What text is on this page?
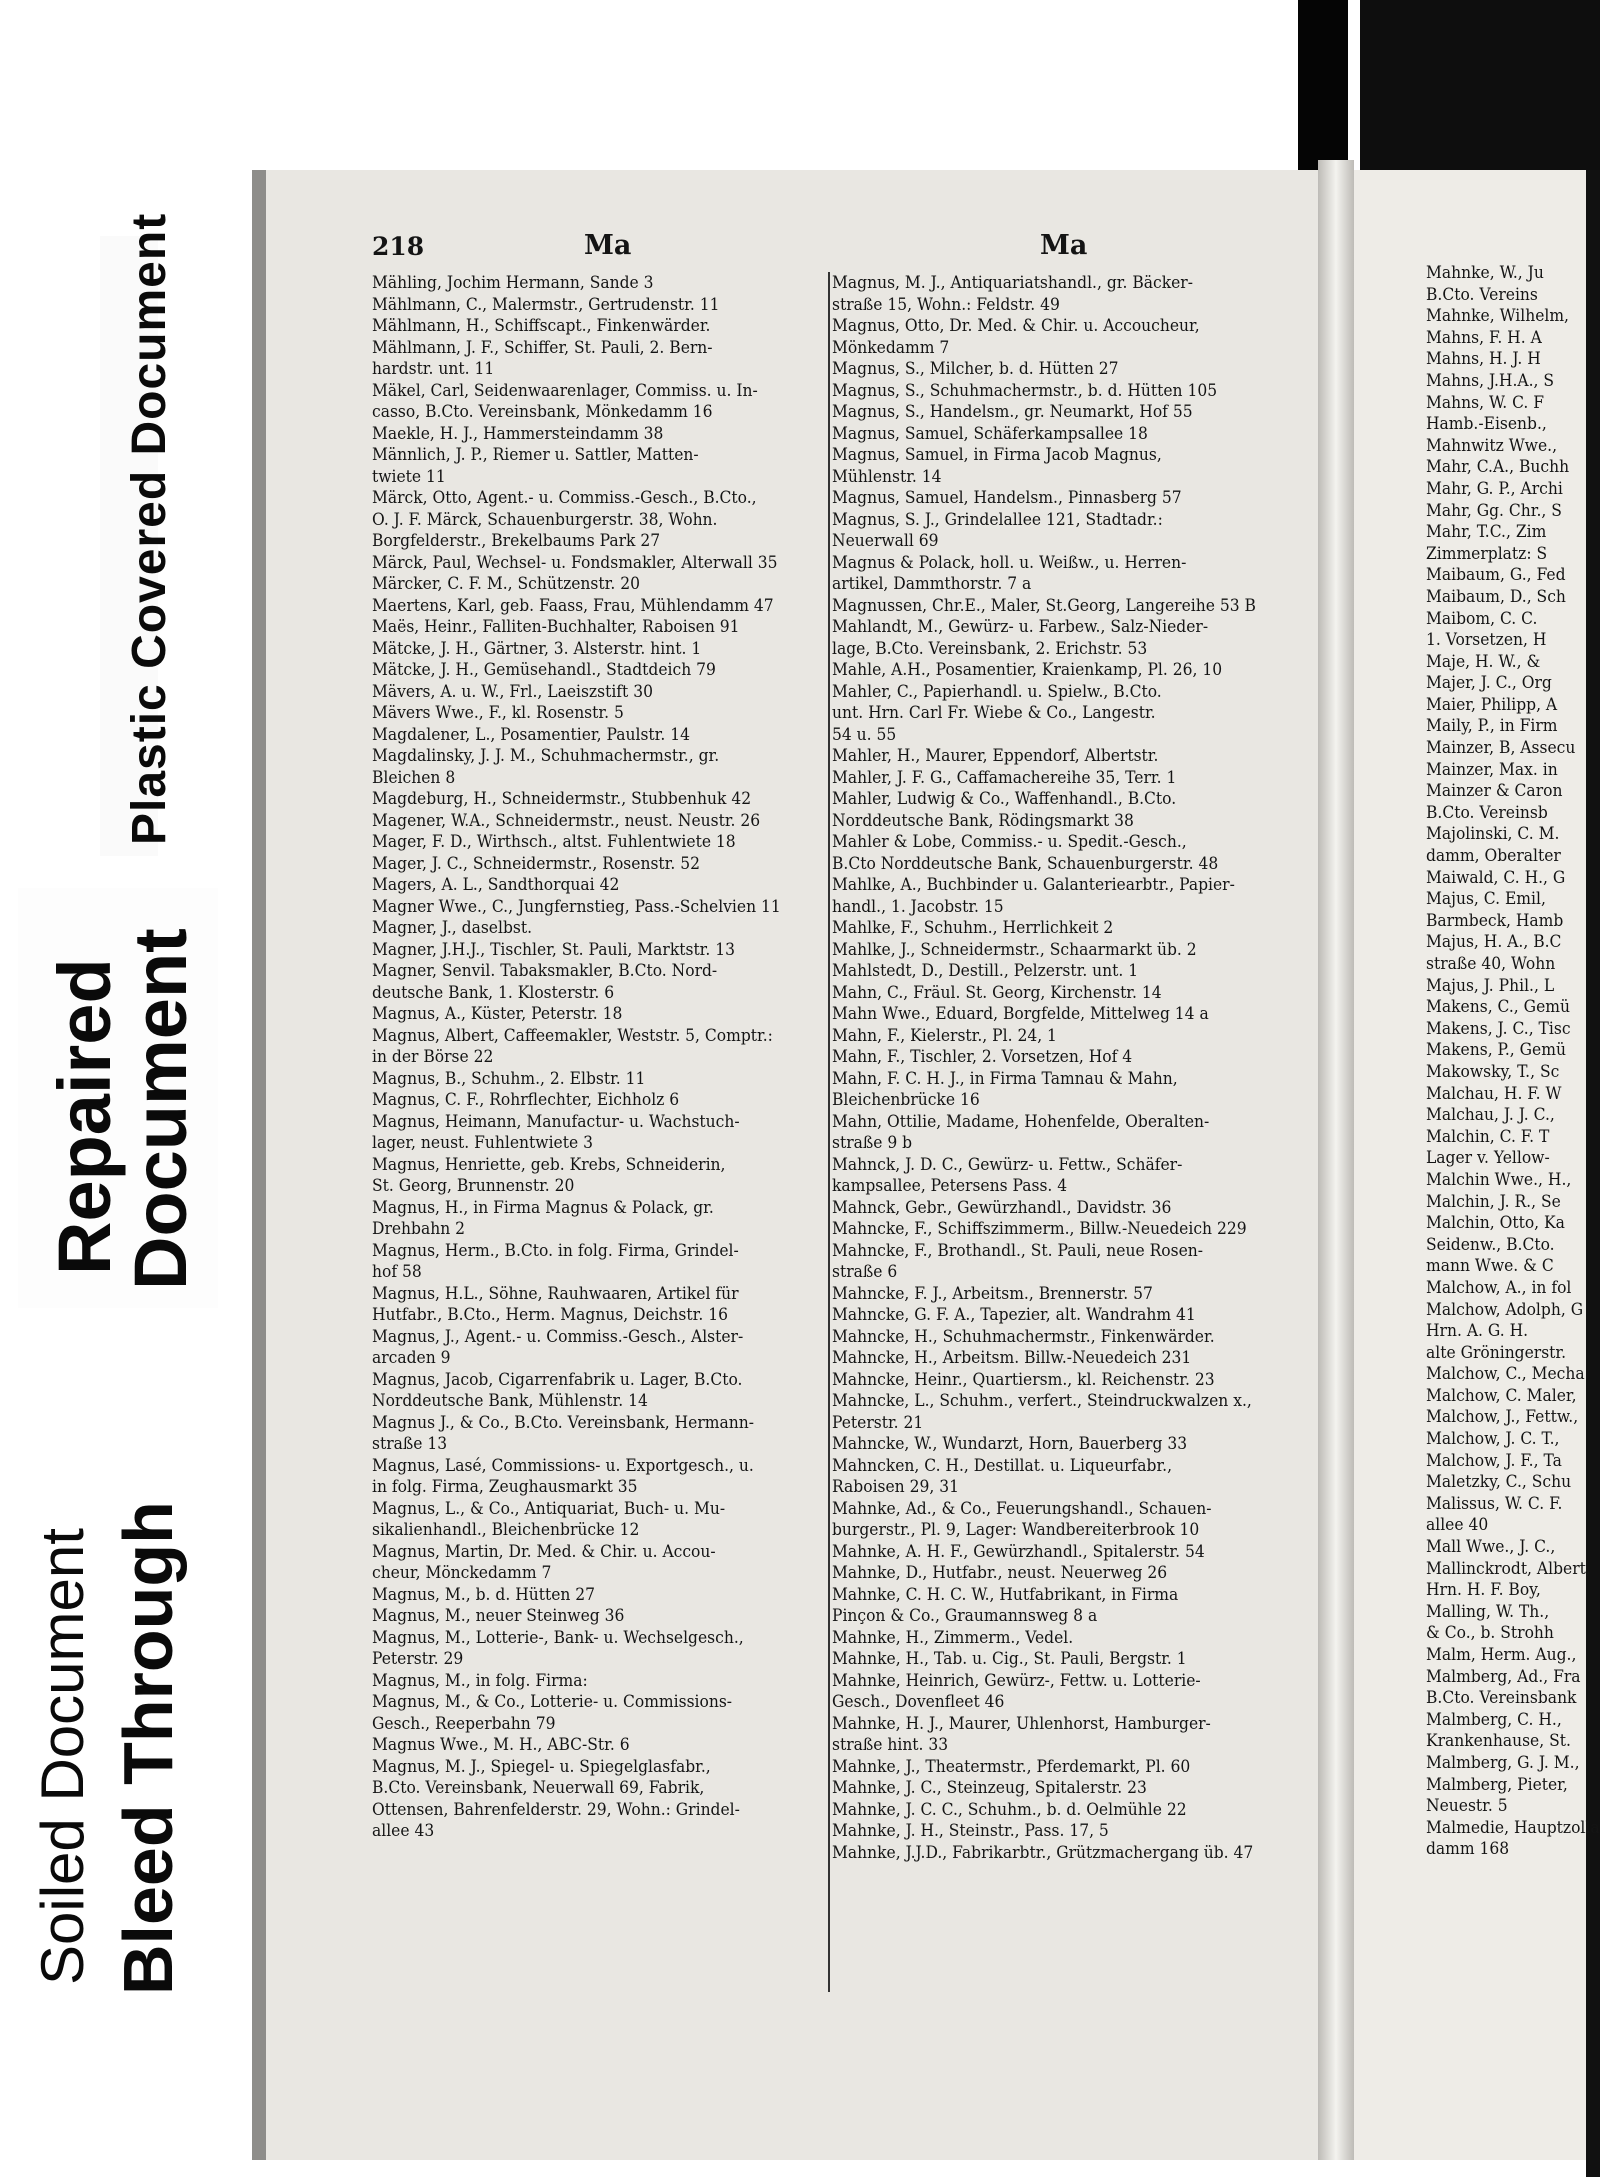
Plastic Covered Document
Repaired
Document
Soiled Document Bleed Through
218	Ma	Ma
Mähling, Jochim Hermann, Sande 3
Mählmann, C., Malermstr., Gertrudenstr. 11
Mählmann, H., Schiffscapt., Finkenwärder.
Mählmann, J. F., Schiffer, St. Pauli, 2. Bern-
hardstr. unt. 11
Mäkel, Carl, Seidenwaarenlager, Commiss. u. In-
casso, B.Cto. Vereinsbank, Mönkedamm 16
Maekle, H. J., Hammersteindamm 38
Männlich, J. P., Riemer u. Sattler, Matten-
twiete 11
Märck, Otto, Agent.- u. Commiss.-Gesch., B.Cto.,
O. J. F. Märck, Schauenburgerstr. 38, Wohn.
Borgfelderstr., Brekelbaums Park 27
Märck, Paul, Wechsel- u. Fondsmakler, Alterwall 35
Märcker, C. F. M., Schützenstr. 20
Maertens, Karl, geb. Faass, Frau, Mühlendamm 47
Maës, Heinr., Falliten-Buchhalter, Raboisen 91
Mätcke, J. H., Gärtner, 3. Alsterstr. hint. 1
Mätcke, J. H., Gemüsehandl., Stadtdeich 79
Mävers, A. u. W., Frl., Laeiszstift 30
Mävers Wwe., F., kl. Rosenstr. 5
Magdalener, L., Posamentier, Paulstr. 14
Magdalinsky, J. J. M., Schuhmachermstr., gr.
Bleichen 8
Magdeburg, H., Schneidermstr., Stubbenhuk 42
Magener, W.A., Schneidermstr., neust. Neustr. 26
Mager, F. D., Wirthsch., altst. Fuhlentwiete 18
Mager, J. C., Schneidermstr., Rosenstr. 52
Magers, A. L., Sandthorquai 42
Magner Wwe., C., Jungfernstieg, Pass.-Schelvien 11
Magner, J., daselbst.
Magner, J.H.J., Tischler, St. Pauli, Marktstr. 13
Magner, Senvil. Tabaksmakler, B.Cto. Nord-
deutsche Bank, 1. Klosterstr. 6
Magnus, A., Küster, Peterstr. 18
Magnus, Albert, Caffeemakler, Weststr. 5, Comptr.:
in der Börse 22
Magnus, B., Schuhm., 2. Elbstr. 11
Magnus, C. F., Rohrflechter, Eichholz 6
Magnus, Heimann, Manufactur- u. Wachstuch-
lager, neust. Fuhlentwiete 3
Magnus, Henriette, geb. Krebs, Schneiderin,
St. Georg, Brunnenstr. 20
Magnus, H., in Firma Magnus & Polack, gr.
Drehbahn 2
Magnus, Herm., B.Cto. in folg. Firma, Grindel-
hof 58
Magnus, H.L., Söhne, Rauhwaaren, Artikel für
Hutfabr., B.Cto., Herm. Magnus, Deichstr. 16
Magnus, J., Agent.- u. Commiss.-Gesch., Alster-
arcaden 9
Magnus, Jacob, Cigarrenfabrik u. Lager, B.Cto.
Norddeutsche Bank, Mühlenstr. 14
Magnus J., & Co., B.Cto. Vereinsbank, Hermann-
straße 13
Magnus, Lasé, Commissions- u. Exportgesch., u.
in folg. Firma, Zeughausmarkt 35
Magnus, L., & Co., Antiquariat, Buch- u. Mu-
sikalienhandl., Bleichenbrücke 12
Magnus, Martin, Dr. Med. & Chir. u. Accou-
cheur, Mönckedamm 7
Magnus, M., b. d. Hütten 27
Magnus, M., neuer Steinweg 36
Magnus, M., Lotterie-, Bank- u. Wechselgesch.,
Peterstr. 29
Magnus, M., in folg. Firma:
Magnus, M., & Co., Lotterie- u. Commissions-
Gesch., Reeperbahn 79
Magnus Wwe., M. H., ABC-Str. 6
Magnus, M. J., Spiegel- u. Spiegelglasfabr.,
B.Cto. Vereinsbank, Neuerwall 69, Fabrik,
Ottensen, Bahrenfelderstr. 29, Wohn.: Grindel-
allee 43
Magnus, M. J., Antiquariatshandl., gr. Bäcker-
straße 15, Wohn.: Feldstr. 49
Magnus, Otto, Dr. Med. & Chir. u. Accoucheur,
Mönkedamm 7
Magnus, S., Milcher, b. d. Hütten 27
Magnus, S., Schuhmachermstr., b. d. Hütten 105
Magnus, S., Handelsm., gr. Neumarkt, Hof 55
Magnus, Samuel, Schäferkampsallee 18
Magnus, Samuel, in Firma Jacob Magnus,
Mühlenstr. 14
Magnus, Samuel, Handelsm., Pinnasberg 57
Magnus, S. J., Grindelallee 121, Stadtadr.:
Neuerwall 69
Magnus & Polack, holl. u. Weißw., u. Herren-
artikel, Dammthorstr. 7 a
Magnussen, Chr.E., Maler, St.Georg, Langereihe 53 B
Mahlandt, M., Gewürz- u. Farbew., Salz-Nieder-
lage, B.Cto. Vereinsbank, 2. Erichstr. 53
Mahle, A.H., Posamentier, Kraienkamp, Pl. 26, 10
Mahler, C., Papierhandl. u. Spielw., B.Cto.
unt. Hrn. Carl Fr. Wiebe & Co., Langestr.
54 u. 55
Mahler, H., Maurer, Eppendorf, Albertstr.
Mahler, J. F. G., Caffamachereihe 35, Terr. 1
Mahler, Ludwig & Co., Waffenhandl., B.Cto.
Norddeutsche Bank, Rödingsmarkt 38
Mahler & Lobe, Commiss.- u. Spedit.-Gesch.,
B.Cto Norddeutsche Bank, Schauenburgerstr. 48
Mahlke, A., Buchbinder u. Galanteriearbtr., Papier-
handl., 1. Jacobstr. 15
Mahlke, F., Schuhm., Herrlichkeit 2
Mahlke, J., Schneidermstr., Schaarmarkt üb. 2
Mahlstedt, D., Destill., Pelzerstr. unt. 1
Mahn, C., Fräul. St. Georg, Kirchenstr. 14
Mahn Wwe., Eduard, Borgfelde, Mittelweg 14 a
Mahn, F., Kielerstr., Pl. 24, 1
Mahn, F., Tischler, 2. Vorsetzen, Hof 4
Mahn, F. C. H. J., in Firma Tamnau & Mahn,
Bleichenbrücke 16
Mahn, Ottilie, Madame, Hohenfelde, Oberalten-
straße 9 b
Mahnck, J. D. C., Gewürz- u. Fettw., Schäfer-
kampsallee, Petersens Pass. 4
Mahnck, Gebr., Gewürzhandl., Davidstr. 36
Mahncke, F., Schiffszimmerm., Billw.-Neuedeich 229
Mahncke, F., Brothandl., St. Pauli, neue Rosen-
straße 6
Mahncke, F. J., Arbeitsm., Brennerstr. 57
Mahncke, G. F. A., Tapezier, alt. Wandrahm 41
Mahncke, H., Schuhmachermstr., Finkenwärder.
Mahncke, H., Arbeitsm. Billw.-Neuedeich 231
Mahncke, Heinr., Quartiersm., kl. Reichenstr. 23
Mahncke, L., Schuhm., verfert., Steindruckwalzen x.,
Peterstr. 21
Mahncke, W., Wundarzt, Horn, Bauerberg 33
Mahncken, C. H., Destillat. u. Liqueurfabr.,
Raboisen 29, 31
Mahnke, Ad., & Co., Feuerungshandl., Schauen-
burgerstr., Pl. 9, Lager: Wandbereiterbrook 10
Mahnke, A. H. F., Gewürzhandl., Spitalerstr. 54
Mahnke, D., Hutfabr., neust. Neuerweg 26
Mahnke, C. H. C. W., Hutfabrikant, in Firma
Pinçon & Co., Graumannsweg 8 a
Mahnke, H., Zimmerm., Vedel.
Mahnke, H., Tab. u. Cig., St. Pauli, Bergstr. 1
Mahnke, Heinrich, Gewürz-, Fettw. u. Lotterie-
Gesch., Dovenfleet 46
Mahnke, H. J., Maurer, Uhlenhorst, Hamburger-
straße hint. 33
Mahnke, J., Theatermstr., Pferdemarkt, Pl. 60
Mahnke, J. C., Steinzeug, Spitalerstr. 23
Mahnke, J. C. C., Schuhm., b. d. Oelmühle 22
Mahnke, J. H., Steinstr., Pass. 17, 5
Mahnke, J.J.D., Fabrikarbtr., Grützmachergang üb. 47
Mahnke, W., Ju
B.Cto. Vereins
Mahnke, Wilhelm,
Mahns, F. H. A
Mahns, H. J. H
Mahns, J.H.A., S
Mahns, W. C. F
Hamb.-Eisenb.,
Mahnwitz Wwe.,
Mahr, C.A., Buchh
Mahr, G. P., Archi
Mahr, Gg. Chr., S
Mahr, T.C., Zim
Zimmerplatz: S
Maibaum, G., Fed
Maibaum, D., Sch
Maibom, C. C.
1. Vorsetzen, H
Maje, H. W., &
Majer, J. C., Org
Maier, Philipp, A
Maily, P., in Firm
Mainzer, B, Assecu
Mainzer, Max. in
Mainzer & Caron
B.Cto. Vereinsb
Majolinski, C. M.
damm, Oberalter
Maiwald, C. H., G
Majus, C. Emil,
Barmbeck, Hamb
Majus, H. A., B.C
straße 40, Wohn
Majus, J. Phil., L
Makens, C., Gemü
Makens, J. C., Tisc
Makens, P., Gemü
Makowsky, T., Sc
Malchau, H. F. W
Malchau, J. J. C.,
Malchin, C. F. T
Lager v. Yellow-
Malchin Wwe., H.,
Malchin, J. R., Se
Malchin, Otto, Ka
Seidenw., B.Cto.
mann Wwe. & C
Malchow, A., in fol
Malchow, Adolph, G
Hrn. A. G. H.
alte Gröningerstr.
Malchow, C., Mecha
Malchow, C. Maler,
Malchow, J., Fettw.,
Malchow, J. C. T.,
Malchow, J. F., Ta
Maletzky, C., Schu
Malissus, W. C. F.
allee 40
Mall Wwe., J. C.,
Mallinckrodt, Albert,
Hrn. H. F. Boy,
Malling, W. Th.,
& Co., b. Strohh
Malm, Herm. Aug.,
Malmberg, Ad., Fra
B.Cto. Vereinsbank
Malmberg, C. H.,
Krankenhause, St.
Malmberg, G. J. M.,
Malmberg, Pieter,
Neuestr. 5
Malmedie, Hauptzolla
damm 168
